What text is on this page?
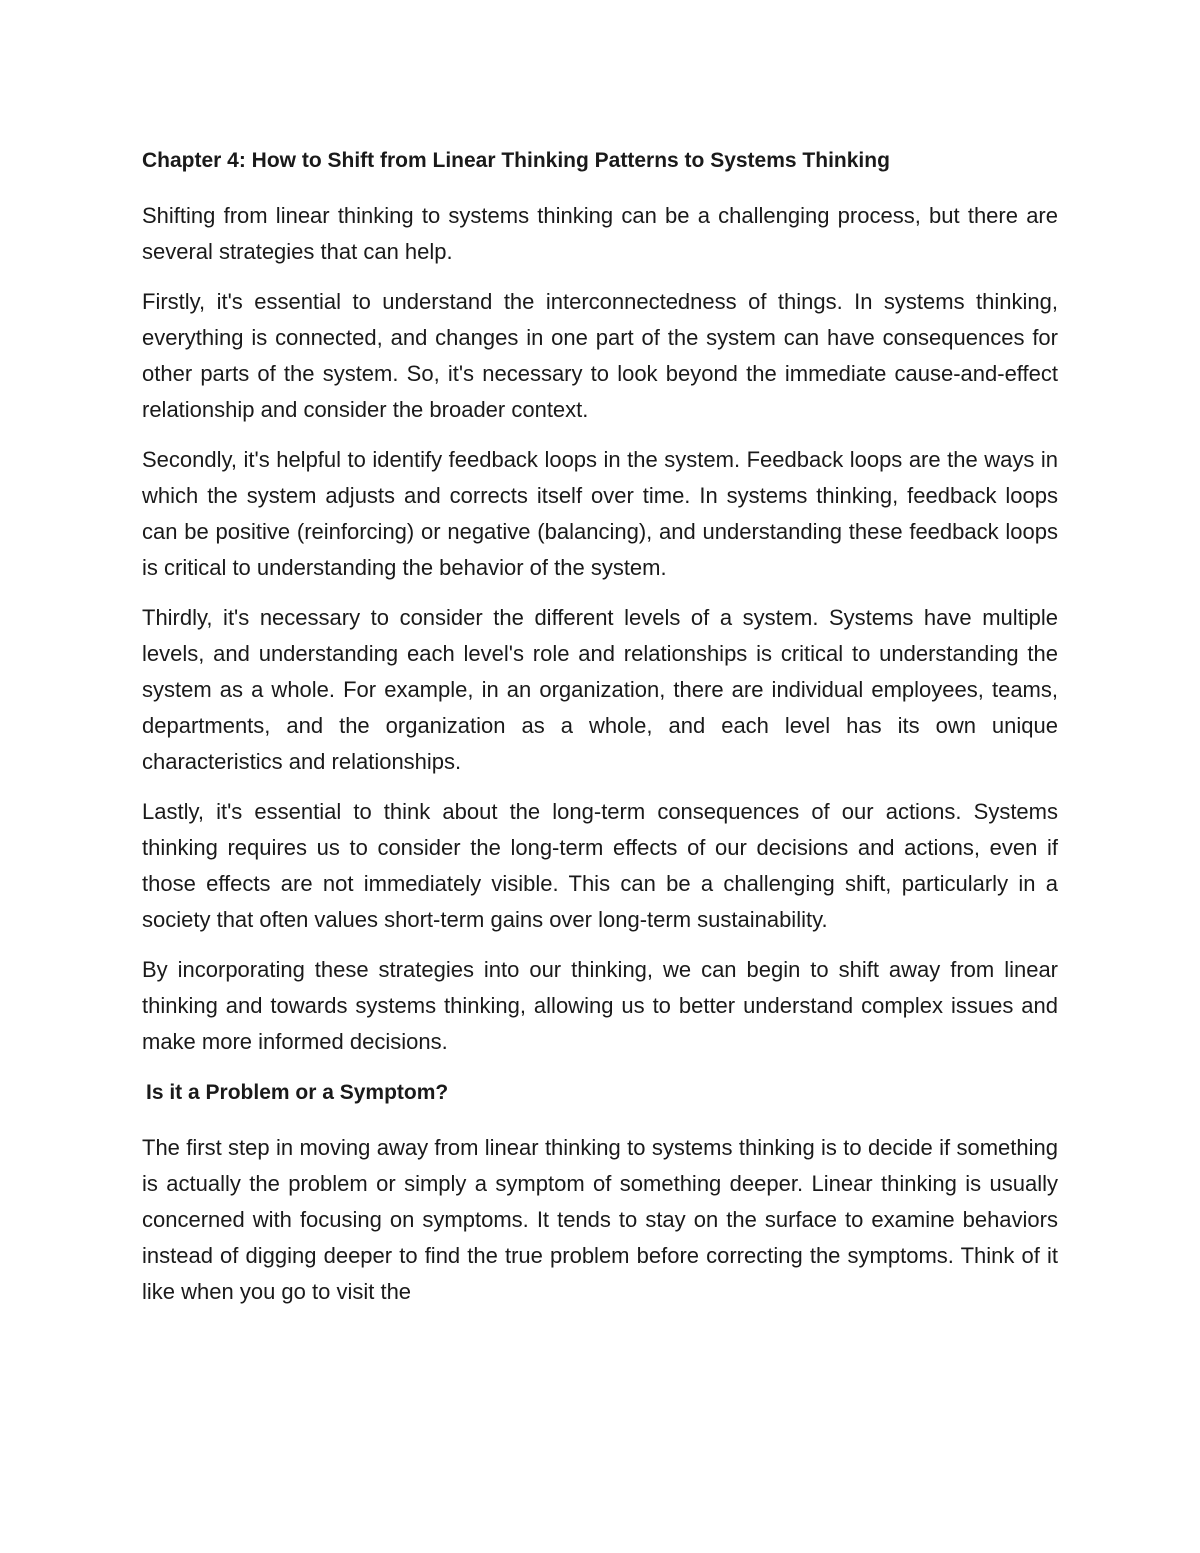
Chapter 4: How to Shift from Linear Thinking Patterns to Systems Thinking

Shifting from linear thinking to systems thinking can be a challenging process, but there are several strategies that can help.

Firstly, it's essential to understand the interconnectedness of things. In systems thinking, everything is connected, and changes in one part of the system can have consequences for other parts of the system. So, it's necessary to look beyond the immediate cause-and-effect relationship and consider the broader context.

Secondly, it's helpful to identify feedback loops in the system. Feedback loops are the ways in which the system adjusts and corrects itself over time. In systems thinking, feedback loops can be positive (reinforcing) or negative (balancing), and understanding these feedback loops is critical to understanding the behavior of the system.

Thirdly, it's necessary to consider the different levels of a system. Systems have multiple levels, and understanding each level's role and relationships is critical to understanding the system as a whole. For example, in an organization, there are individual employees, teams, departments, and the organization as a whole, and each level has its own unique characteristics and relationships.

Lastly, it's essential to think about the long-term consequences of our actions. Systems thinking requires us to consider the long-term effects of our decisions and actions, even if those effects are not immediately visible. This can be a challenging shift, particularly in a society that often values short-term gains over long-term sustainability.

By incorporating these strategies into our thinking, we can begin to shift away from linear thinking and towards systems thinking, allowing us to better understand complex issues and make more informed decisions.

Is it a Problem or a Symptom?

The first step in moving away from linear thinking to systems thinking is to decide if something is actually the problem or simply a symptom of something deeper. Linear thinking is usually concerned with focusing on symptoms. It tends to stay on the surface to examine behaviors instead of digging deeper to find the true problem before correcting the symptoms. Think of it like when you go to visit the
